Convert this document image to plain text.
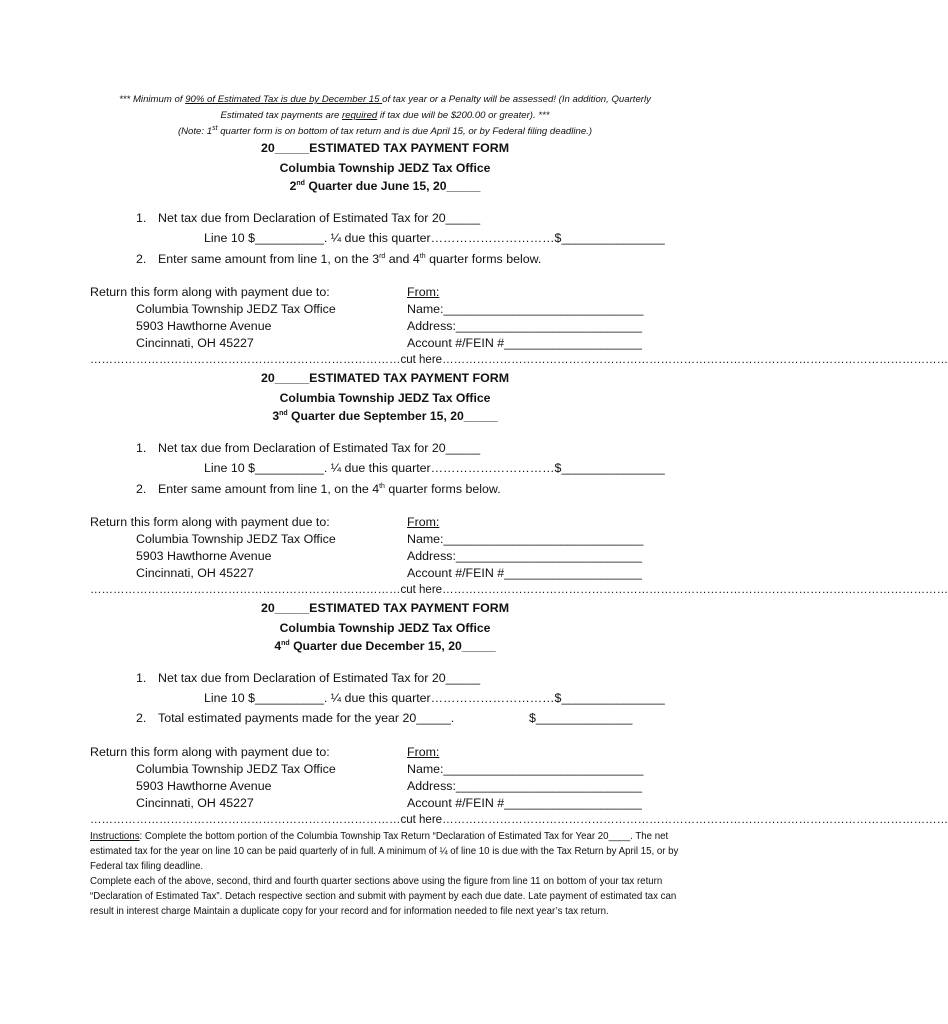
*** Minimum of 90% of Estimated Tax is due by December 15 of tax year or a Penalty will be assessed! (In addition, Quarterly
Estimated tax payments are required if tax due will be $200.00 or greater). ***
(Note: 1st quarter form is on bottom of tax return and is due April 15, or by Federal filing deadline.)
20_____ESTIMATED TAX PAYMENT FORM
Columbia Township JEDZ Tax Office
2nd Quarter due June 15, 20_____
1. Net tax due from Declaration of Estimated Tax for 20_____
Line 10 $__________. ¼ due this quarter…………………………$_______________
2. Enter same amount from line 1, on the 3rd and 4th quarter forms below.
Return this form along with payment due to:
Columbia Township JEDZ Tax Office
5903 Hawthorne Avenue
Cincinnati, OH 45227
From:
Name:_____________________________
Address:___________________________
Account #/FEIN #____________________
………………………………………………………………………cut here……………………………………………………………………………………………………………………
20_____ESTIMATED TAX PAYMENT FORM
Columbia Township JEDZ Tax Office
3nd Quarter due September 15, 20_____
1. Net tax due from Declaration of Estimated Tax for 20_____
Line 10 $__________. ¼ due this quarter…………………………$_______________
2. Enter same amount from line 1, on the 4th quarter forms below.
Return this form along with payment due to:
Columbia Township JEDZ Tax Office
5903 Hawthorne Avenue
Cincinnati, OH 45227
From:
Name:_____________________________
Address:___________________________
Account #/FEIN #____________________
………………………………………………………………………cut here……………………………………………………………………………………………………………………
20_____ESTIMATED TAX PAYMENT FORM
Columbia Township JEDZ Tax Office
4nd Quarter due December 15, 20_____
1. Net tax due from Declaration of Estimated Tax for 20_____
Line 10 $__________. ¼ due this quarter…………………………$_______________
2. Total estimated payments made for the year 20_____.	$______________
Return this form along with payment due to:
Columbia Township JEDZ Tax Office
5903 Hawthorne Avenue
Cincinnati, OH 45227
From:
Name:_____________________________
Address:___________________________
Account #/FEIN #____________________
………………………………………………………………………cut here……………………………………………………………………………………………………………………

Instructions: Complete the bottom portion of the Columbia Township Tax Return “Declaration of Estimated Tax for Year 20____. The net estimated tax for the year on line 10 can be paid quarterly of in full. A minimum of ¼ of line 10 is due with the Tax Return by April 15, or by Federal tax filing deadline.

Complete each of the above, second, third and fourth quarter sections above using the figure from line 11 on bottom of your tax return “Declaration of Estimated Tax”. Detach respective section and submit with payment by each due date. Late payment of estimated tax can result in interest charge Maintain a duplicate copy for your record and for information needed to file next year’s tax return.
